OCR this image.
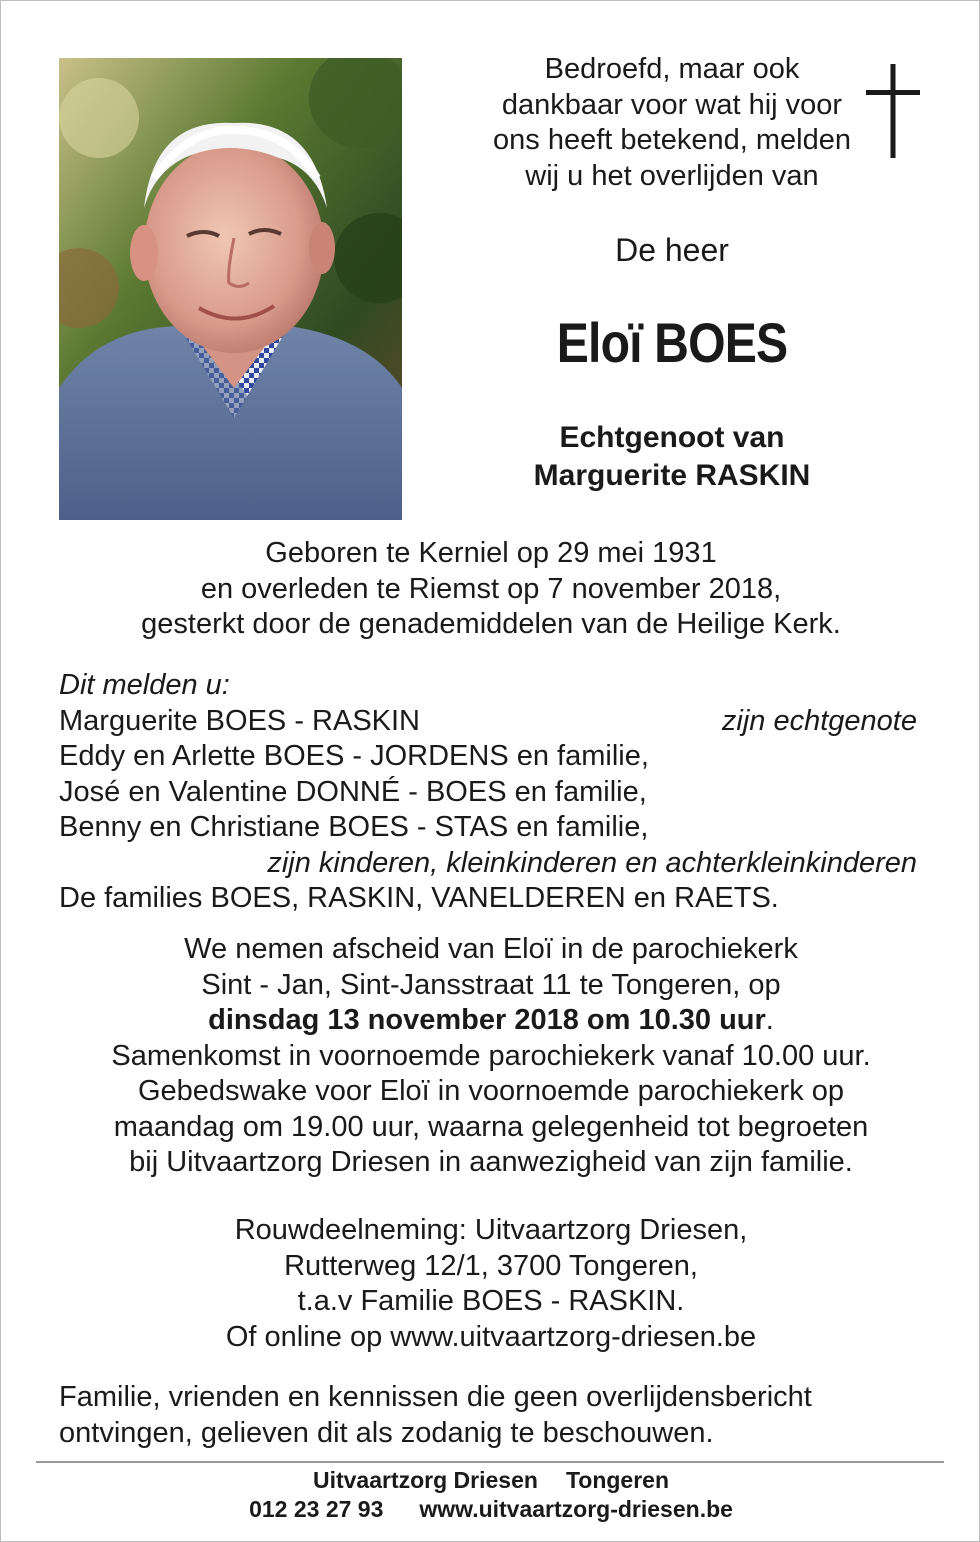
Bedroefd, maar ook
dankbaar voor wat hij voor
ons heeft betekend, melden
wij u het overlijden van
De heer
Eloï BOES
Echtgenoot van
Marguerite RASKIN
Geboren te Kerniel op 29 mei 1931
en overleden te Riemst op 7 november 2018,
gesterkt door de genademiddelen van de Heilige Kerk.
Dit melden u:
Marguerite BOES - RASKIN	zijn echtgenote
Eddy en Arlette BOES - JORDENS en familie,
José en Valentine DONNÉ - BOES en familie,
Benny en Christiane BOES - STAS en familie,
zijn kinderen, kleinkinderen en achterkleinkinderen
De families BOES, RASKIN, VANELDEREN en RAETS.
We nemen afscheid van Eloï in de parochiekerk
Sint - Jan, Sint-Jansstraat 11 te Tongeren, op
dinsdag 13 november 2018 om 10.30 uur.
Samenkomst in voornoemde parochiekerk vanaf 10.00 uur.
Gebedswake voor Eloï in voornoemde parochiekerk op
maandag om 19.00 uur, waarna gelegenheid tot begroeten
bij Uitvaartzorg Driesen in aanwezigheid van zijn familie.
Rouwdeelneming: Uitvaartzorg Driesen,
Rutterweg 12/1, 3700 Tongeren,
t.a.v Familie BOES - RASKIN.
Of online op www.uitvaartzorg-driesen.be
Familie, vrienden en kennissen die geen overlijdensbericht
ontvingen, gelieven dit als zodanig te beschouwen.
Uitvaartzorg Driesen Tongeren
012 23 27 93 www.uitvaartzorg-driesen.be
